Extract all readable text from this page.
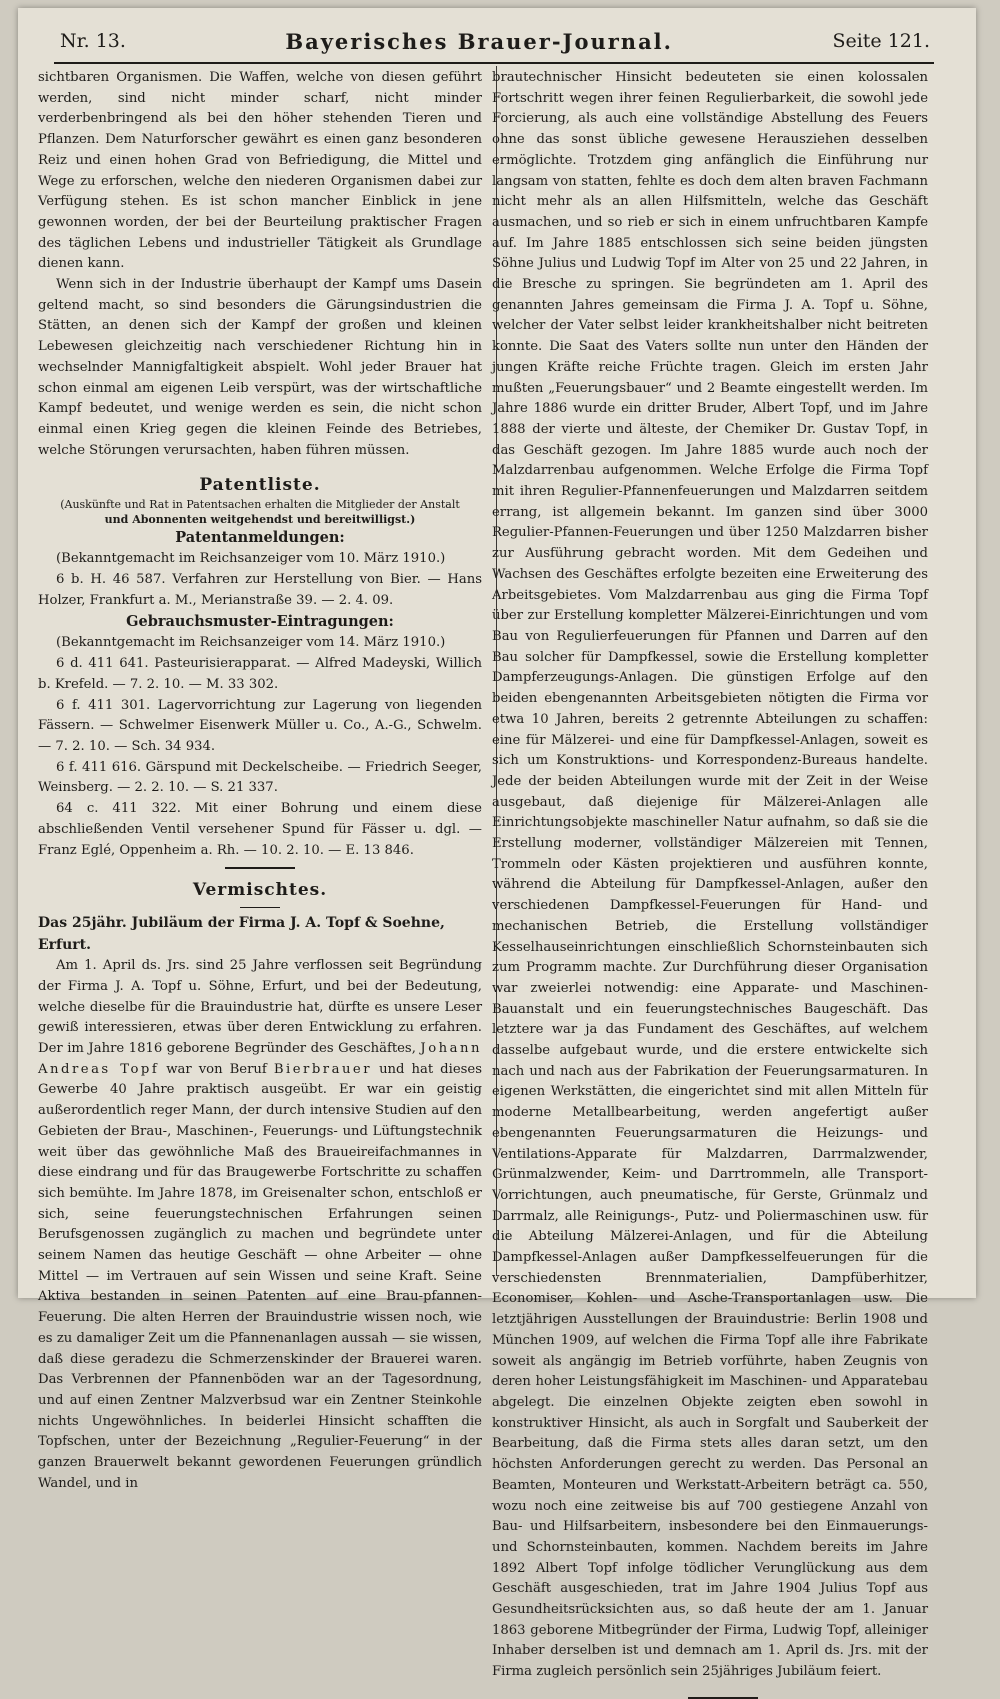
Nr. 13.	Bayerisches Brauer-Journal.	Seite 121.

sichtbaren Organismen. Die Waffen, welche von diesen geführt werden, sind nicht minder scharf, nicht minder verderbenbringend als bei den höher stehenden Tieren und Pflanzen. Dem Naturforscher gewährt es einen ganz besonderen Reiz und einen hohen Grad von Befriedigung, die Mittel und Wege zu erforschen, welche den niederen Organismen dabei zur Verfügung stehen. Es ist schon mancher Einblick in jene gewonnen worden, der bei der Beurteilung praktischer Fragen des täglichen Lebens und industrieller Tätigkeit als Grundlage dienen kann.

Wenn sich in der Industrie überhaupt der Kampf ums Dasein geltend macht, so sind besonders die Gärungsindustrien die Stätten, an denen sich der Kampf der großen und kleinen Lebewesen gleichzeitig nach verschiedener Richtung hin in wechselnder Mannigfaltigkeit abspielt. Wohl jeder Brauer hat schon einmal am eigenen Leib verspürt, was der wirtschaftliche Kampf bedeutet, und wenige werden es sein, die nicht schon einmal einen Krieg gegen die kleinen Feinde des Betriebes, welche Störungen verursachten, haben führen müssen.

Patentliste.
(Auskünfte und Rat in Patentsachen erhalten die Mitglieder der Anstalt
und Abonnenten weitgehendst und bereitwilligst.)
Patentanmeldungen:

(Bekanntgemacht im Reichsanzeiger vom 10. März 1910.)

6 b. H. 46 587. Verfahren zur Herstellung von Bier. — Hans Holzer, Frankfurt a. M., Merianstraße 39. — 2. 4. 09.

Gebrauchsmuster-Eintragungen:

(Bekanntgemacht im Reichsanzeiger vom 14. März 1910.)

6 d. 411 641. Pasteurisierapparat. — Alfred Madeyski, Willich b. Krefeld. — 7. 2. 10. — M. 33 302.

6 f. 411 301. Lagervorrichtung zur Lagerung von liegenden Fässern. — Schwelmer Eisenwerk Müller u. Co., A.-G., Schwelm. — 7. 2. 10. — Sch. 34 934.

6 f. 411 616. Gärspund mit Deckelscheibe. — Friedrich Seeger, Weinsberg. — 2. 2. 10. — S. 21 337.

64 c. 411 322. Mit einer Bohrung und einem diese abschließenden Ventil versehener Spund für Fässer u. dgl. — Franz Eglé, Oppenheim a. Rh. — 10. 2. 10. — E. 13 846.

Vermischtes.
Das 25jähr. Jubiläum der Firma J. A. Topf & Soehne, Erfurt.

Am 1. April ds. Jrs. sind 25 Jahre verflossen seit Begründung der Firma J. A. Topf u. Söhne, Erfurt, und bei der Bedeutung, welche dieselbe für die Brauindustrie hat, dürfte es unsere Leser gewiß interessieren, etwas über deren Entwicklung zu erfahren. Der im Jahre 1816 geborene Begründer des Geschäftes, Johann Andreas Topf war von Beruf Bierbrauer und hat dieses Gewerbe 40 Jahre praktisch ausgeübt. Er war ein geistig außerordentlich reger Mann, der durch intensive Studien auf den Gebieten der Brau-, Maschinen-, Feuerungs- und Lüftungstechnik weit über das gewöhnliche Maß des Braueireifachmannes in diese eindrang und für das Braugewerbe Fortschritte zu schaffen sich bemühte. Im Jahre 1878, im Greisenalter schon, entschloß er sich, seine feuerungstechnischen Erfahrungen seinen Berufsgenossen zugänglich zu machen und begründete unter seinem Namen das heutige Geschäft — ohne Arbeiter — ohne Mittel — im Vertrauen auf sein Wissen und seine Kraft. Seine Aktiva bestanden in seinen Patenten auf eine Brau-pfannen-Feuerung. Die alten Herren der Brauindustrie wissen noch, wie es zu damaliger Zeit um die Pfannenanlagen aussah — sie wissen, daß diese geradezu die Schmerzenskinder der Brauerei waren. Das Verbrennen der Pfannenböden war an der Tagesordnung, und auf einen Zentner Malzverbsud war ein Zentner Steinkohle nichts Ungewöhnliches. In beiderlei Hinsicht schafften die Topfschen, unter der Bezeichnung „Regulier-Feuerung“ in der ganzen Brauerwelt bekannt gewordenen Feuerungen gründlich Wandel, und in

brautechnischer Hinsicht bedeuteten sie einen kolossalen Fortschritt wegen ihrer feinen Regulierbarkeit, die sowohl jede Forcierung, als auch eine vollständige Abstellung des Feuers ohne das sonst übliche gewesene Herausziehen desselben ermöglichte. Trotzdem ging anfänglich die Einführung nur langsam von statten, fehlte es doch dem alten braven Fachmann nicht mehr als an allen Hilfsmitteln, welche das Geschäft ausmachen, und so rieb er sich in einem unfruchtbaren Kampfe auf. Im Jahre 1885 entschlossen sich seine beiden jüngsten Söhne Julius und Ludwig Topf im Alter von 25 und 22 Jahren, in die Bresche zu springen. Sie begründeten am 1. April des genannten Jahres gemeinsam die Firma J. A. Topf u. Söhne, welcher der Vater selbst leider krankheitshalber nicht beitreten konnte. Die Saat des Vaters sollte nun unter den Händen der jungen Kräfte reiche Früchte tragen. Gleich im ersten Jahr mußten „Feuerungsbauer“ und 2 Beamte eingestellt werden. Im Jahre 1886 wurde ein dritter Bruder, Albert Topf, und im Jahre 1888 der vierte und älteste, der Chemiker Dr. Gustav Topf, in das Geschäft gezogen. Im Jahre 1885 wurde auch noch der Malzdarrenbau aufgenommen. Welche Erfolge die Firma Topf mit ihren Regulier-Pfannenfeuerungen und Malzdarren seitdem errang, ist allgemein bekannt. Im ganzen sind über 3000 Regulier-Pfannen-Feuerungen und über 1250 Malzdarren bisher zur Ausführung gebracht worden. Mit dem Gedeihen und Wachsen des Geschäftes erfolgte bezeiten eine Erweiterung des Arbeitsgebietes. Vom Malzdarrenbau aus ging die Firma Topf über zur Erstellung kompletter Mälzerei-Einrichtungen und vom Bau von Regulierfeuerungen für Pfannen und Darren auf den Bau solcher für Dampfkessel, sowie die Erstellung kompletter Dampferzeugungs-Anlagen. Die günstigen Erfolge auf den beiden ebengenannten Arbeitsgebieten nötigten die Firma vor etwa 10 Jahren, bereits 2 getrennte Abteilungen zu schaffen: eine für Mälzerei- und eine für Dampfkessel-Anlagen, soweit es sich um Konstruktions- und Korrespondenz-Bureaus handelte. Jede der beiden Abteilungen wurde mit der Zeit in der Weise ausgebaut, daß diejenige für Mälzerei-Anlagen alle Einrichtungsobjekte maschineller Natur aufnahm, so daß sie die Erstellung moderner, vollständiger Mälzereien mit Tennen, Trommeln oder Kästen projektieren und ausführen konnte, während die Abteilung für Dampfkessel-Anlagen, außer den verschiedenen Dampfkessel-Feuerungen für Hand- und mechanischen Betrieb, die Erstellung vollständiger Kesselhauseinrichtungen einschließlich Schornsteinbauten sich zum Programm machte. Zur Durchführung dieser Organisation war zweierlei notwendig: eine Apparate- und Maschinen-Bauanstalt und ein feuerungstechnisches Baugeschäft. Das letztere war ja das Fundament des Geschäftes, auf welchem dasselbe aufgebaut wurde, und die erstere entwickelte sich nach und nach aus der Fabrikation der Feuerungsarmaturen. In eigenen Werkstätten, die eingerichtet sind mit allen Mitteln für moderne Metallbearbeitung, werden angefertigt außer ebengenannten Feuerungsarmaturen die Heizungs- und Ventilations-Apparate für Malzdarren, Darrmalzwender, Grünmalzwender, Keim- und Darrtrommeln, alle Transport-Vorrichtungen, auch pneumatische, für Gerste, Grünmalz und Darrmalz, alle Reinigungs-, Putz- und Poliermaschinen usw. für die Abteilung Mälzerei-Anlagen, und für die Abteilung Dampfkessel-Anlagen außer Dampfkesselfeuerungen für die verschiedensten Brennmaterialien, Dampfüberhitzer, Economiser, Kohlen- und Asche-Transportanlagen usw. Die letztjährigen Ausstellungen der Brauindustrie: Berlin 1908 und München 1909, auf welchen die Firma Topf alle ihre Fabrikate soweit als angängig im Betrieb vorführte, haben Zeugnis von deren hoher Leistungsfähigkeit im Maschinen- und Apparatebau abgelegt. Die einzelnen Objekte zeigten eben sowohl in konstruktiver Hinsicht, als auch in Sorgfalt und Sauberkeit der Bearbeitung, daß die Firma stets alles daran setzt, um den höchsten Anforderungen gerecht zu werden. Das Personal an Beamten, Monteuren und Werkstatt-Arbeitern beträgt ca. 550, wozu noch eine zeitweise bis auf 700 gestiegene Anzahl von Bau- und Hilfsarbeitern, insbesondere bei den Einmauerungs- und Schornsteinbauten, kommen. Nachdem bereits im Jahre 1892 Albert Topf infolge tödlicher Verunglückung aus dem Geschäft ausgeschieden, trat im Jahre 1904 Julius Topf aus Gesundheitsrücksichten aus, so daß heute der am 1. Januar 1863 geborene Mitbegründer der Firma, Ludwig Topf, alleiniger Inhaber derselben ist und demnach am 1. April ds. Jrs. mit der Firma zugleich persönlich sein 25jähriges Jubiläum feiert.
